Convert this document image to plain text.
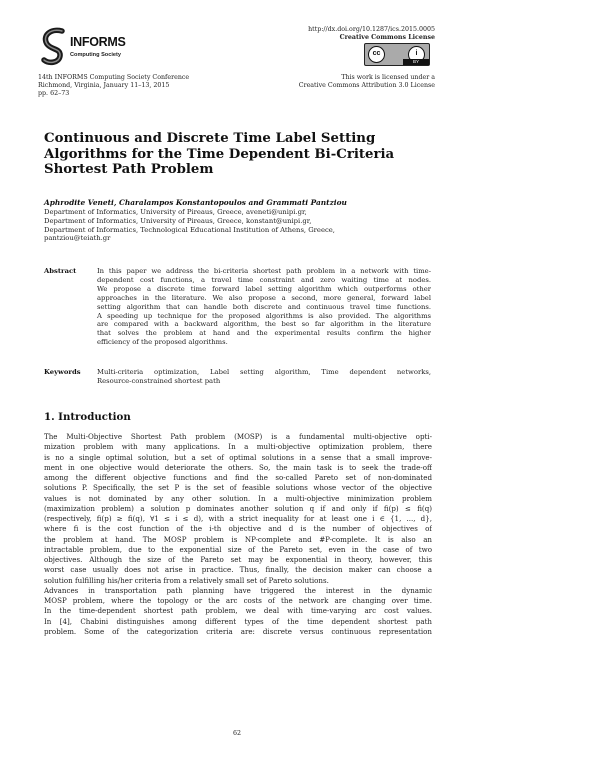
INFORMS
Computing Society
14th INFORMS Computing Society Conference
Richmond, Virginia, January 11–13, 2015
pp. 62–73
http://dx.doi.org/10.1287/ics.2015.0005
Creative Commons License
cc	i
BY
This work is licensed under a
Creative Commons Attribution 3.0 License
Continuous and Discrete Time Label Setting
Algorithms for the Time Dependent Bi-Criteria
Shortest Path Problem
Aphrodite Veneti, Charalampos Konstantopoulos and Grammati Pantziou
Department of Informatics, University of Pireaus, Greece, aveneti@unipi.gr,
Department of Informatics, University of Pireaus, Greece, konstant@unipi.gr,
Department of Informatics, Technological Educational Institution of Athens, Greece,
pantziou@teiath.gr
Abstract	In this paper we address the bi-criteria shortest path problem in a network with time-
dependent cost functions, a travel time constraint and zero waiting time at nodes.
We propose a discrete time forward label setting algorithm which outperforms other
approaches in the literature. We also propose a second, more general, forward label
setting algorithm that can handle both discrete and continuous travel time functions.
A speeding up technique for the proposed algorithms is also provided. The algorithms
are compared with a backward algorithm, the best so far algorithm in the literature
that solves the problem at hand and the experimental results confirm the higher
efficiency of the proposed algorithms.
Keywords Multi-criteria optimization, Label setting algorithm, Time dependent networks,
Resource-constrained shortest path
1. Introduction
The Multi-Objective Shortest Path problem (MOSP) is a fundamental multi-objective opti-
mization problem with many applications. In a multi-objective optimization problem, there
is no a single optimal solution, but a set of optimal solutions in a sense that a small improve-
ment in one objective would deteriorate the others. So, the main task is to seek the trade-off
among the different objective functions and find the so-called Pareto set of non-dominated
solutions P. Specifically, the set P is the set of feasible solutions whose vector of the objective
values is not dominated by any other solution. In a multi-objective minimization problem
(maximization problem) a solution p dominates another solution q if and only if fi(p) ≤ fi(q)
(respectively, fi(p) ≥ fi(q), ∀1 ≤ i ≤ d), with a strict inequality for at least one i ∈ {1, ..., d},
where fi is the cost function of the i-th objective and d is the number of objectives of
the problem at hand. The MOSP problem is NP-complete and #P-complete. It is also an
intractable problem, due to the exponential size of the Pareto set, even in the case of two
objectives. Although the size of the Pareto set may be exponential in theory, however, this
worst case usually does not arise in practice. Thus, finally, the decision maker can choose a
solution fulfilling his/her criteria from a relatively small set of Pareto solutions.
Advances in transportation path planning have triggered the interest in the dynamic
MOSP problem, where the topology or the arc costs of the network are changing over time.
In the time-dependent shortest path problem, we deal with time-varying arc cost values.
In [4], Chabini distinguishes among different types of the time dependent shortest path
problem. Some of the categorization criteria are: discrete versus continuous representation
62
